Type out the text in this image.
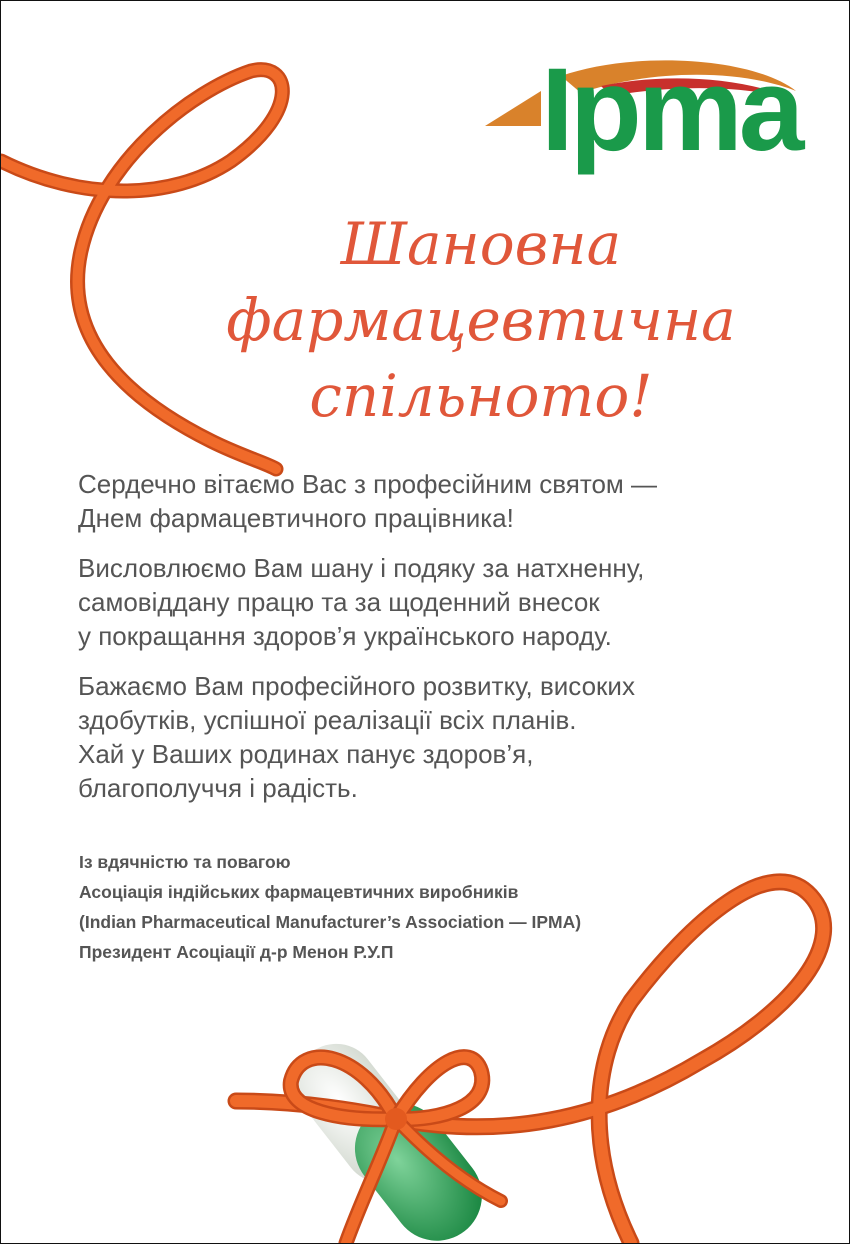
Ipma
Шановна
фармацевтична
спільното!

Сердечно вітаємо Вас з професійним святом —
Днем фармацевтичного працівника!

Висловлюємо Вам шану і подяку за натхненну,
самовіддану працю та за щоденний внесок
у покращання здоров’я українського народу.

Бажаємо Вам професійного розвитку, високих
здобутків, успішної реалізації всіх планів.
Хай у Ваших родинах панує здоров’я,
благополуччя і радість.

Із вдячністю та повагою
Асоціація індійських фармацевтичних виробників
(Indian Pharmaceutical Manufacturer’s Association — IPMA)
Президент Асоціації д-р Менон Р.У.П
